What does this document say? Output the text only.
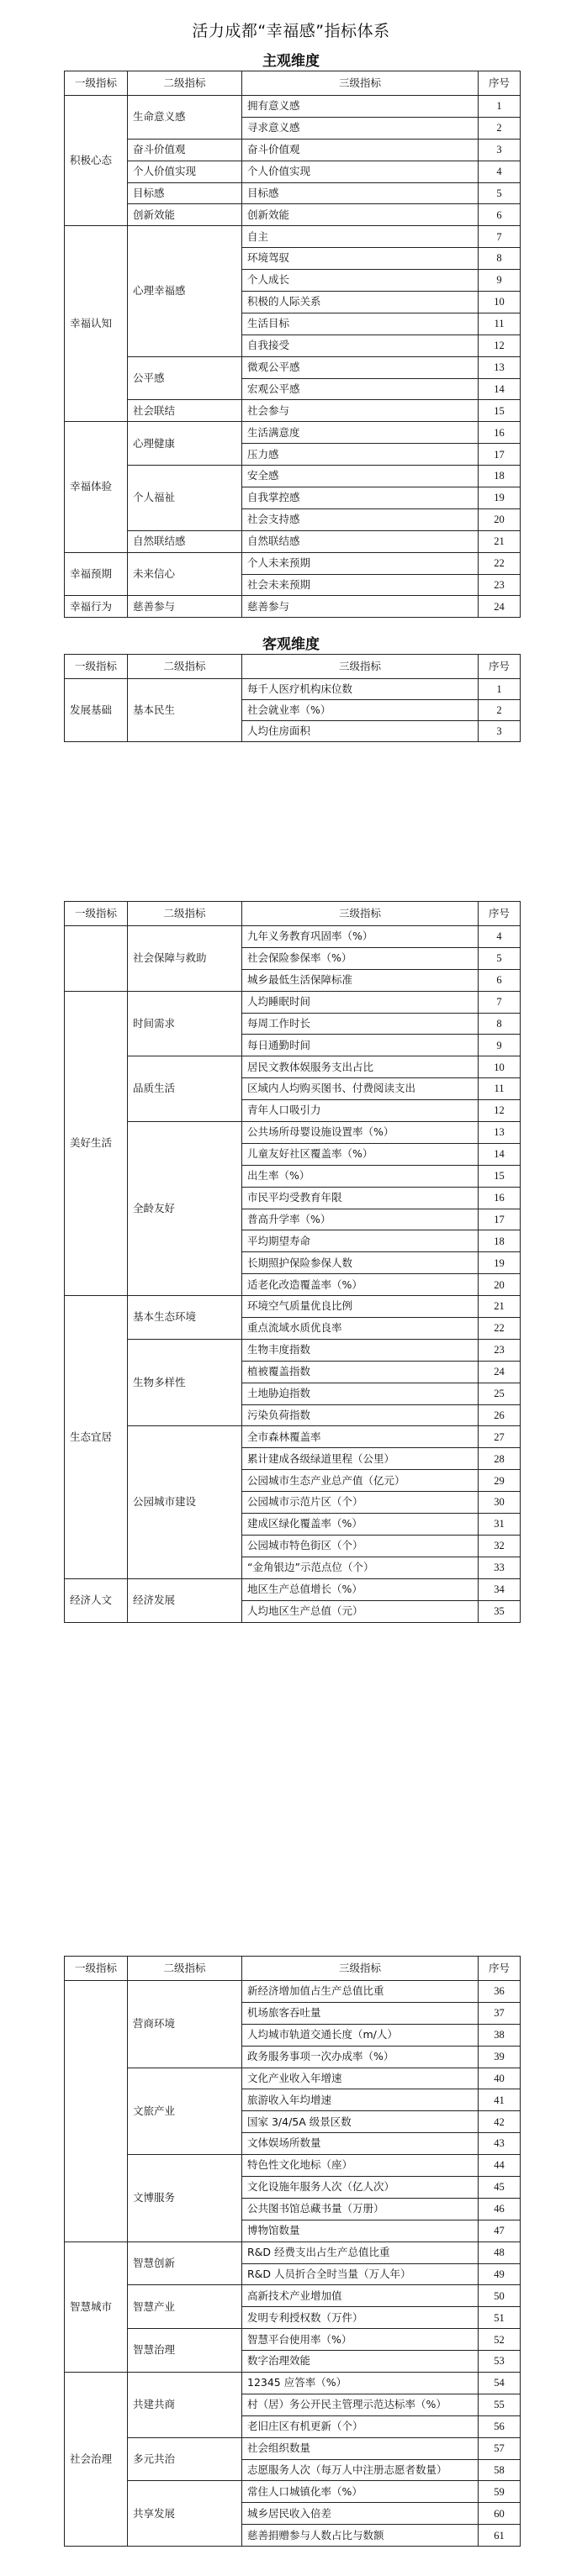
活力成都“幸福感”指标体系
主观维度
一级指标	二级指标	三级指标	序号
积极心态	生命意义感	拥有意义感	1
		寻求意义感	2
	奋斗价值观	奋斗价值观	3
	个人价值实现	个人价值实现	4
	目标感	目标感	5
	创新效能	创新效能	6
幸福认知	心理幸福感	自主	7
		环境驾驭	8
		个人成长	9
		积极的人际关系	10
		生活目标	11
		自我接受	12
	公平感	微观公平感	13
		宏观公平感	14
	社会联结	社会参与	15
幸福体验	心理健康	生活满意度	16
		压力感	17
	个人福祉	安全感	18
		自我掌控感	19
		社会支持感	20
	自然联结感	自然联结感	21
幸福预期	未来信心	个人未来预期	22
		社会未来预期	23
幸福行为	慈善参与	慈善参与	24
客观维度
一级指标	二级指标	三级指标	序号
发展基础	基本民生	每千人医疗机构床位数	1
		社会就业率（%）	2
		人均住房面积	3
一级指标	二级指标	三级指标	序号
	社会保障与救助	九年义务教育巩固率（%）	4
		社会保险参保率（%）	5
		城乡最低生活保障标准	6
美好生活	时间需求	人均睡眠时间	7
		每周工作时长	8
		每日通勤时间	9
	品质生活	居民文教体娱服务支出占比	10
		区域内人均购买图书、付费阅读支出	11
		青年人口吸引力	12
	全龄友好	公共场所母婴设施设置率（%）	13
		儿童友好社区覆盖率（%）	14
		出生率（%）	15
		市民平均受教育年限	16
		普高升学率（%）	17
		平均期望寿命	18
		长期照护保险参保人数	19
		适老化改造覆盖率（%）	20
生态宜居	基本生态环境	环境空气质量优良比例	21
		重点流域水质优良率	22
	生物多样性	生物丰度指数	23
		植被覆盖指数	24
		土地胁迫指数	25
		污染负荷指数	26
	公园城市建设	全市森林覆盖率	27
		累计建成各级绿道里程（公里）	28
		公园城市生态产业总产值（亿元）	29
		公园城市示范片区（个）	30
		建成区绿化覆盖率（%）	31
		公园城市特色街区（个）	32
		“金角银边”示范点位（个）	33
经济人文	经济发展	地区生产总值增长（%）	34
		人均地区生产总值（元）	35
一级指标	二级指标	三级指标	序号
	营商环境	新经济增加值占生产总值比重	36
		机场旅客吞吐量	37
		人均城市轨道交通长度（m/人）	38
		政务服务事项一次办成率（%）	39
	文旅产业	文化产业收入年增速	40
		旅游收入年均增速	41
		国家 3/4/5A 级景区数	42
		文体娱场所数量	43
	文博服务	特色性文化地标（座）	44
		文化设施年服务人次（亿人次）	45
		公共图书馆总藏书量（万册）	46
		博物馆数量	47
智慧城市	智慧创新	R&D 经费支出占生产总值比重	48
		R&D 人员折合全时当量（万人年）	49
	智慧产业	高新技术产业增加值	50
		发明专利授权数（万件）	51
	智慧治理	智慧平台使用率（%）	52
		数字治理效能	53
社会治理	共建共商	12345 应答率（%）	54
		村（居）务公开民主管理示范达标率（%）	55
		老旧庄区有机更新（个）	56
	多元共治	社会组织数量	57
		志愿服务人次（每万人中注册志愿者数量）	58
	共享发展	常住人口城镇化率（%）	59
		城乡居民收入倍差	60
		慈善捐赠参与人数占比与数额	61
